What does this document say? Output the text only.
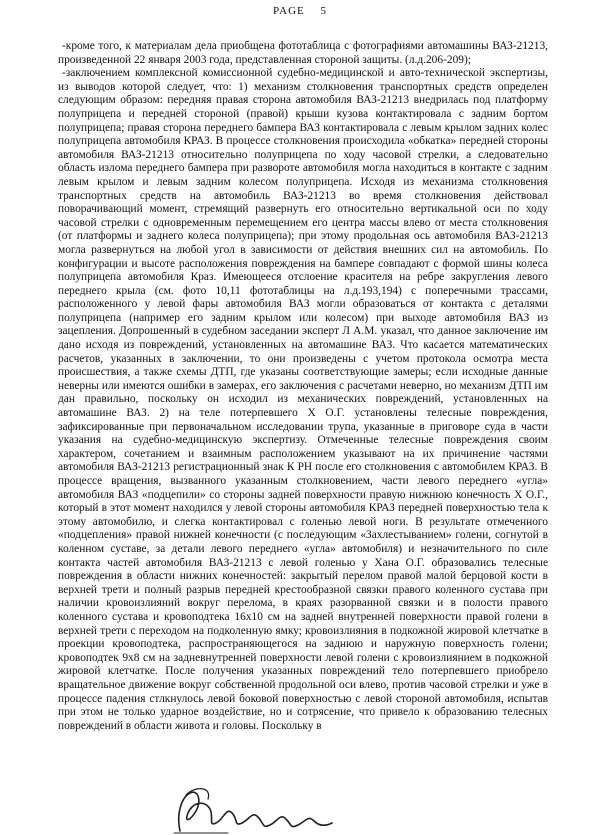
PAGE 5

-кроме того, к материалам дела приобщена фототаблица с фотографиями автомашины ВАЗ-21213, произведенной 22 января 2003 года, представленная стороной защиты. (л.д.206-209);

-заключением комплексной комиссионной судебно-медицинской и авто-технической экспертизы, из выводов которой следует, что: 1) механизм столкновения транспортных средств определен следующим образом: передняя правая сторона автомобиля ВАЗ-21213 внедрилась под платформу полуприцепа и передней стороной (правой) крыши кузова контактировала с задним бортом полуприцепа; правая сторона переднего бампера ВАЗ контактировала с левым крылом задних колес полуприцепа автомобиля КРАЗ. В процессе столкновения происходила «обкатка» передней стороны автомобиля ВАЗ-21213 относительно полуприцепа по ходу часовой стрелки, а следовательно область излома переднего бампера при развороте автомобиля могла находиться в контакте с задним левым крылом и левым задним колесом полуприцепа. Исходя из механизма столкновения транспортных средств на автомобиль ВАЗ-21213 во время столкновения действовал поворачивающий момент, стремящий развернуть его относительно вертикальной оси по ходу часовой стрелки с одновременным перемещением его центра массы влево от места столкновения (от платформы и заднего колеса полуприцепа); при этому продольная ось автомобиля ВАЗ-21213 могла развернуться на любой угол в зависимости от действия внешних сил на автомобиль. По конфигурации и высоте расположения повреждения на бампере совпадают с формой шины колеса полуприцепа автомобиля Краз. Имеющееся отслоение красителя на ребре закругления левого переднего крыла (см. фото 10,11 фототаблицы на л.д.193,194) с поперечными трассами, расположенного у левой фары автомобиля ВАЗ могли образоваться от контакта с деталями полуприцепа (например его задним крылом или колесом) при выходе автомобиля ВАЗ из зацепления. Допрошенный в судебном заседании эксперт Л А.М. указал, что данное заключение им дано исходя из повреждений, установленных на автомашине ВАЗ. Что касается математических расчетов, указанных в заключении, то они произведены с учетом протокола осмотра места происшествия, а также схемы ДТП, где указаны соответствующие замеры; если исходные данные неверны или имеются ошибки в замерах, его заключения с расчетами неверно, но механизм ДТП им дан правильно, поскольку он исходил из механических повреждений, установленных на автомашине ВАЗ. 2) на теле потерпевшего Х О.Г. установлены телесные повреждения, зафиксированные при первоначальном исследовании трупа, указанные в приговоре суда в части указания на судебно-медицинскую экспертизу. Отмеченные телесные повреждения своим характером, сочетанием и взаимным расположением указывают на их причинение частями автомобиля ВАЗ-21213 регистрационный знак К РН после его столкновения с автомобилем КРАЗ. В процессе вращения, вызванного указанным столкновением, части левого переднего «угла» автомобиля ВАЗ «подцепили» со стороны задней поверхности правую нижнюю конечность Х О.Г., который в этот момент находился у левой стороны автомобиля КРАЗ передней поверхностью тела к этому автомобилю, и слегка контактировал с голенью левой ноги. В результате отмеченного «подцепления» правой нижней конечности (с последующим «Захлестыванием» голени, согнутой в коленном суставе, за детали левого переднего «угла» автомобиля) и незначительного по силе контакта частей автомобиля ВАЗ-21213 с левой голенью у Хана О.Г. образовались телесные повреждения в области нижних конечностей: закрытый перелом правой малой берцовой кости в верхней трети и полный разрыв передней крестообразной связки правого коленного сустава при наличии кровоизлияний вокруг перелома, в краях разорванной связки и в полости правого коленного сустава и кровоподтека 16х10 см на задней внутренней поверхности правой голени в верхней трети с переходом на подколенную ямку; кровоизлияния в подкожной жировой клетчатке в проекции кровоподтека, распространяющегося на заднюю и наружную поверхность голени; кровоподтек 9х8 см на задневнутренней поверхности левой голени с кровоизлиянием в подкожной жировой клетчатке. После получения указанных повреждений тело потерпевшего приобрело вращательное движение вокруг собственной продольной оси влево, против часовой стрелки и уже в процессе падения стлкнулось левой боковой поверхностью с левой стороной автомобиля, испытав при этом не только ударное воздействие, но и сотрясение, что привело к образованию телесных повреждений в области живота и головы. Поскольку в
